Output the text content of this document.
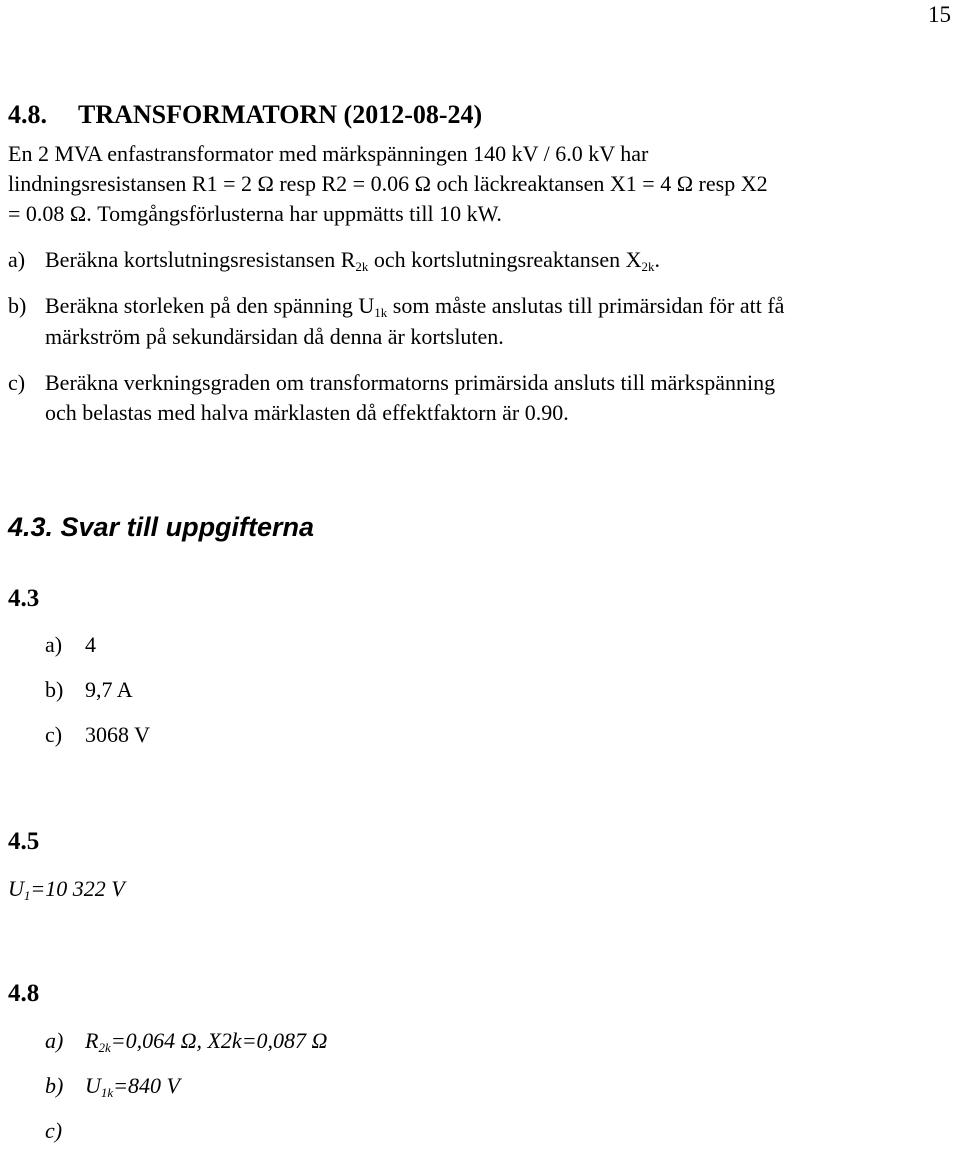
15
4.8. TRANSFORMATORN (2012-08-24)
En 2 MVA enfastransformator med märkspänningen 140 kV / 6.0 kV har
lindningsresistansen R1 = 2 Ω resp R2 = 0.06 Ω och läckreaktansen X1 = 4 Ω resp X2
= 0.08 Ω. Tomgångsförlusterna har uppmätts till 10 kW.
a) Beräkna kortslutningsresistansen $R_{2k}$ och kortslutningsreaktansen $X_{2k}$.
b) Beräkna storleken på den spänning $U_{1k}$ som måste anslutas till primärsidan för att få
märkström på sekundärsidan då denna är kortsluten.
c) Beräkna verkningsgraden om transformatorns primärsida ansluts till märkspänning
och belastas med halva märklasten då effektfaktorn är 0.90.
4.3. Svar till uppgifterna
4.3
a) 4
b) 9,7 A
c) 3068 V
4.5
$U_1=10$ 322 V
4.8
a) $R_{2k}=0,064$ Ω, X2k=0,087 Ω
b) $U_{1k}=840$ V
c)
